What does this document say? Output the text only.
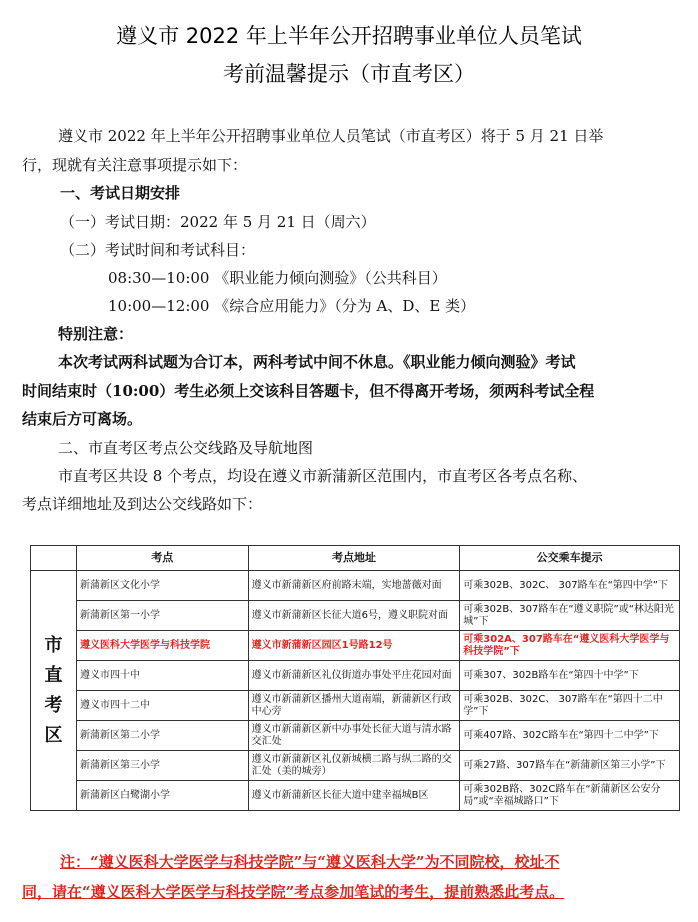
遵义市 2022 年上半年公开招聘事业单位人员笔试
考前温馨提示（市直考区）
遵义市 2022 年上半年公开招聘事业单位人员笔试（市直考区）将于 5 月 21 日举
行，现就有关注意事项提示如下：
一、考试日期安排
（一）考试日期：2022 年 5 月 21 日（周六）
（二）考试时间和考试科目：
08:30—10:00 《职业能力倾向测验》（公共科目）
10:00—12:00 《综合应用能力》（分为 A、D、E 类）
特别注意：
本次考试两科试题为合订本，两科考试中间不休息。《职业能力倾向测验》考试
时间结束时（10:00）考生必须上交该科目答题卡，但不得离开考场，须两科考试全程
结束后方可离场。
二、市直考区考点公交线路及导航地图
市直考区共设 8 个考点，均设在遵义市新蒲新区范围内，市直考区各考点名称、
考点详细地址及到达公交线路如下：
	考点	考点地址	公交乘车提示

市
直
考
区	新蒲新区文化小学	遵义市新蒲新区府前路末端，实地蔷薇对面	可乘302B、302C、 307路车在“第四中学”下
	新蒲新区第一小学	遵义市新蒲新区长征大道6号，遵义职院对面	可乘302B、307路车在“遵义职院”或“林达阳光城”下
	遵义医科大学医学与科技学院	遵义市新蒲新区园区1号路12号	可乘302A、307路车在“遵义医科大学医学与科技学院”下
	遵义市四十中	遵义市新蒲新区礼仪街道办事处平庄花园对面	可乘307、302B路车在“第四十中学”下
	遵义市四十二中	遵义市新蒲新区播州大道南端，新蒲新区行政中心旁	可乘302B、302C、 307路车在“第四十二中学”下
	新蒲新区第二小学	遵义市新蒲新区新中办事处长征大道与清水路交汇处	可乘407路、302C路车在“第四十二中学”下
	新蒲新区第三小学	遵义市新蒲新区礼仪新城横二路与纵二路的交汇处（美的城旁）	可乘27路、307路车在“新蒲新区第三小学”下
	新蒲新区白鹭湖小学	遵义市新蒲新区长征大道中建幸福城B区	可乘302B路、302C路车在“新蒲新区公安分局”或“幸福城路口”下
注：“遵义医科大学医学与科技学院”与“遵义医科大学”为不同院校，校址不
同，请在“遵义医科大学医学与科技学院”考点参加笔试的考生，提前熟悉此考点。
